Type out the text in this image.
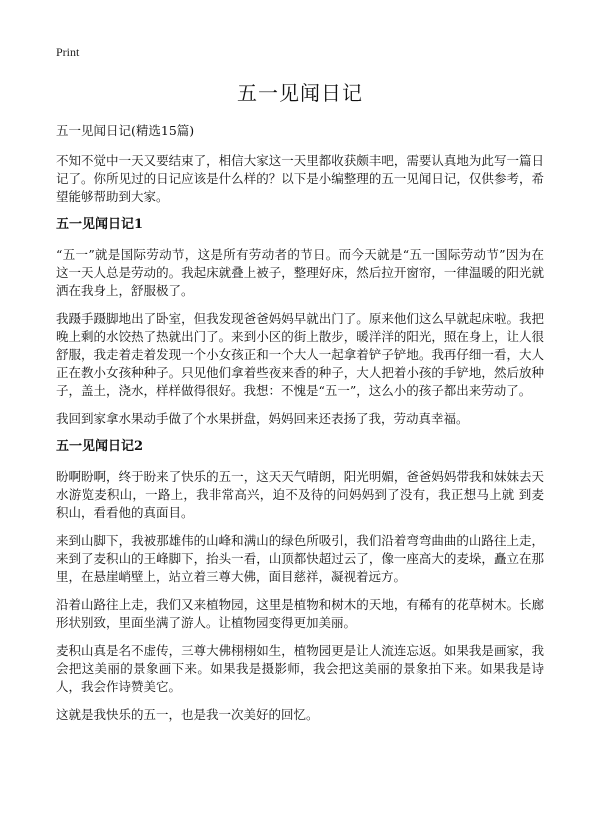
Print
五一见闻日记

五一见闻日记(精选15篇)

不知不觉中一天又要结束了，相信大家这一天里都收获颇丰吧，需要认真地为此写一篇日记了。你所见过的日记应该是什么样的？以下是小编整理的五一见闻日记，仅供参考，希望能够帮助到大家。

五一见闻日记1

“五一”就是国际劳动节，这是所有劳动者的节日。而今天就是“五一国际劳动节”因为在这一天人总是劳动的。我起床就叠上被子，整理好床，然后拉开窗帘，一律温暖的阳光就洒在我身上，舒服极了。

我蹑手蹑脚地出了卧室，但我发现爸爸妈妈早就出门了。原来他们这么早就起床啦。我把晚上剩的水饺热了热就出门了。来到小区的街上散步，暖洋洋的阳光，照在身上，让人很舒服，我走着走着发现一个小女孩正和一个大人一起拿着铲子铲地。我再仔细一看，大人正在教小女孩种种子。只见他们拿着些夜来香的种子，大人把着小孩的手铲地，然后放种子，盖土，浇水，样样做得很好。我想：不愧是“五一”，这么小的孩子都出来劳动了。

我回到家拿水果动手做了个水果拼盘，妈妈回来还表扬了我，劳动真幸福。

五一见闻日记2

盼啊盼啊，终于盼来了快乐的五一，这天天气晴朗，阳光明媚，爸爸妈妈带我和妹妹去天水游览麦积山，一路上，我非常高兴，迫不及待的问妈妈到了没有，我正想马上就 到麦积山，看看他的真面目。

来到山脚下，我被那雄伟的山峰和满山的绿色所吸引，我们沿着弯弯曲曲的山路往上走，来到了麦积山的王峰脚下，抬头一看，山顶都快超过云了，像一座高大的麦垛，矗立在那里，在悬崖峭壁上，站立着三尊大佛，面目慈祥，凝视着远方。

沿着山路往上走，我们又来植物园，这里是植物和树木的天地，有稀有的花草树木。长廊形状别致，里面坐满了游人。让植物园变得更加美丽。

麦积山真是名不虚传，三尊大佛栩栩如生，植物园更是让人流连忘返。如果我是画家，我会把这美丽的景象画下来。如果我是摄影师，我会把这美丽的景象拍下来。如果我是诗人，我会作诗赞美它。

这就是我快乐的五一，也是我一次美好的回忆。
